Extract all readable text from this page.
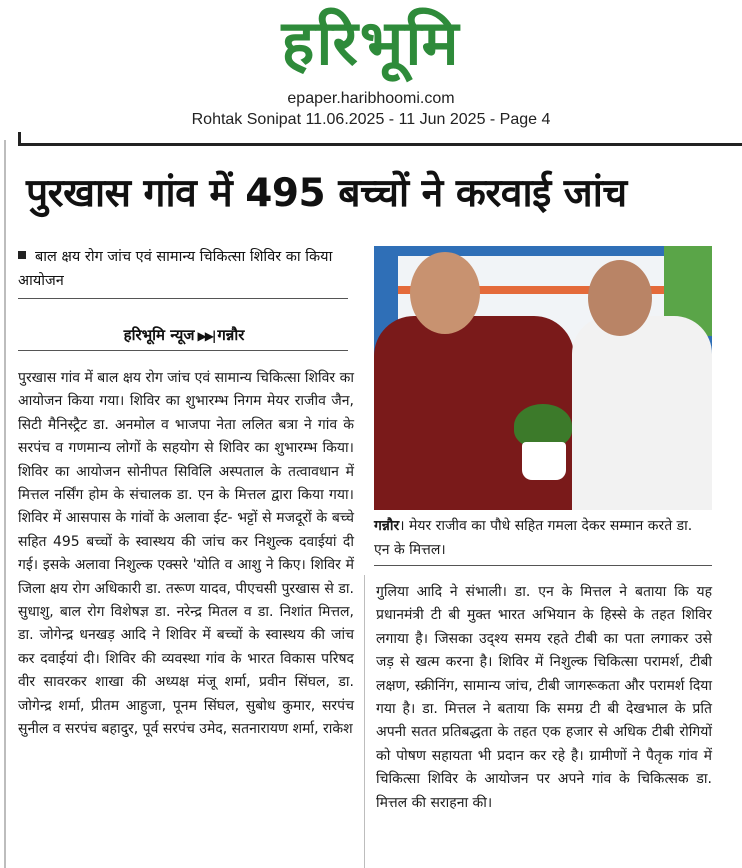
हरिभूमि
epaper.haribhoomi.com
Rohtak Sonipat 11.06.2025 - 11 Jun 2025 - Page 4
पुरखास गांव में 495 बच्चों ने करवाई जांच
बाल क्षय रोग जांच एवं सामान्य चिकित्सा शिविर का किया आयोजन
हरिभूमि न्यूज ▶▶| गन्नौर
पुरखास गांव में बाल क्षय रोग जांच एवं सामान्य चिकित्सा शिविर का आयोजन किया गया। शिविर का शुभारम्भ निगम मेयर राजीव जैन, सिटी मैनिस्ट्रैट डा. अनमोल व भाजपा नेता ललित बत्रा ने गांव के सरपंच व गणमान्य लोगों के सहयोग से शिविर का शुभारम्भ किया। शिविर का आयोजन सोनीपत सिविलि अस्पताल के तत्वावधान में मित्तल नर्सिंग होम के संचालक डा. एन के मित्तल द्वारा किया गया। शिविर में आसपास के गांवों के अलावा ईट- भट्टों से मजदूरों के बच्चे सहित 495 बच्चों के स्वास्थय की जांच कर निशुल्क दवाईयां दी गई। इसके अलावा निशुल्क एक्सरे 'योति व आशु ने किए। शिविर में जिला क्षय रोग अधिकारी डा. तरूण यादव, पीएचसी पुरखास से डा. सुधाशु, बाल रोग विशेषज्ञ डा. नरेन्द्र मितल व डा. निशांत मित्तल, डा. जोगेन्द्र धनखड़ आदि ने शिविर में बच्चों के स्वास्थय की जांच कर दवाईयां दी। शिविर की व्यवस्था गांव के भारत विकास परिषद वीर सावरकर शाखा की अध्यक्ष मंजू शर्मा, प्रवीन सिंघल, डा. जोगेन्द्र शर्मा, प्रीतम आहुजा, पूनम सिंघल, सुबोध कुमार, सरपंच सुनील व सरपंच बहादुर, पूर्व सरपंच उमेद, सतनारायण शर्मा, राकेश
गन्नौर। मेयर राजीव का पौधे सहित गमला देकर सम्मान करते डा. एन के मित्तल।
गुलिया आदि ने संभाली। डा. एन के मित्तल ने बताया कि यह प्रधानमंत्री टी बी मुक्त भारत अभियान के हिस्से के तहत शिविर लगाया है। जिसका उद्श्य समय रहते टीबी का पता लगाकर उसे जड़ से खत्म करना है। शिविर में निशुल्क चिकित्सा परामर्श, टीबी लक्षण, स्क्रीनिंग, सामान्य जांच, टीबी जागरूकता और परामर्श दिया गया है। डा. मित्तल ने बताया कि समग्र टी बी देखभाल के प्रति अपनी सतत प्रतिबद्धता के तहत एक हजार से अधिक टीबी रोगियों को पोषण सहायता भी प्रदान कर रहे है। ग्रामीणों ने पैतृक गांव में चिकित्सा शिविर के आयोजन पर अपने गांव के चिकित्सक डा. मित्तल की सराहना की।
